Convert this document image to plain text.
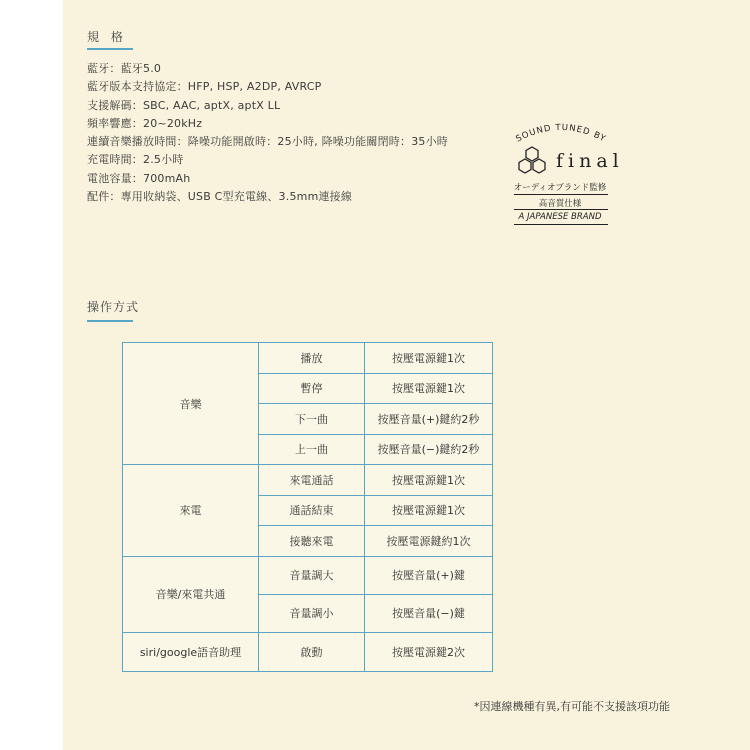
規 格
藍牙：藍牙5.0
藍牙版本支持協定：HFP, HSP, A2DP, AVRCP
支援解碼：SBC, AAC, aptX, aptX LL
頻率響應：20~20kHz
連續音樂播放時間：降噪功能開啟時：25小時, 降噪功能關閉時：35小時
充電時間：2.5小時
電池容量：700mAh
配件：專用收納袋、USB C型充電線、3.5mm連接線
SOUND TUNED BY
final
オーディオブランド監修
高音質仕様
A JAPANESE BRAND
操作方式
音樂	播放	按壓電源鍵1次
	暫停	按壓電源鍵1次
	下一曲	按壓音量(+)鍵約2秒
	上一曲	按壓音量(−)鍵約2秒
來電	來電通話	按壓電源鍵1次
	通話結束	按壓電源鍵1次
	接聽來電	按壓電源鍵約1次
音樂/來電共通	音量調大	按壓音量(+)鍵
	音量調小	按壓音量(−)鍵
siri/google語音助理	啟動	按壓電源鍵2次
*因連線機種有異,有可能不支援該項功能
